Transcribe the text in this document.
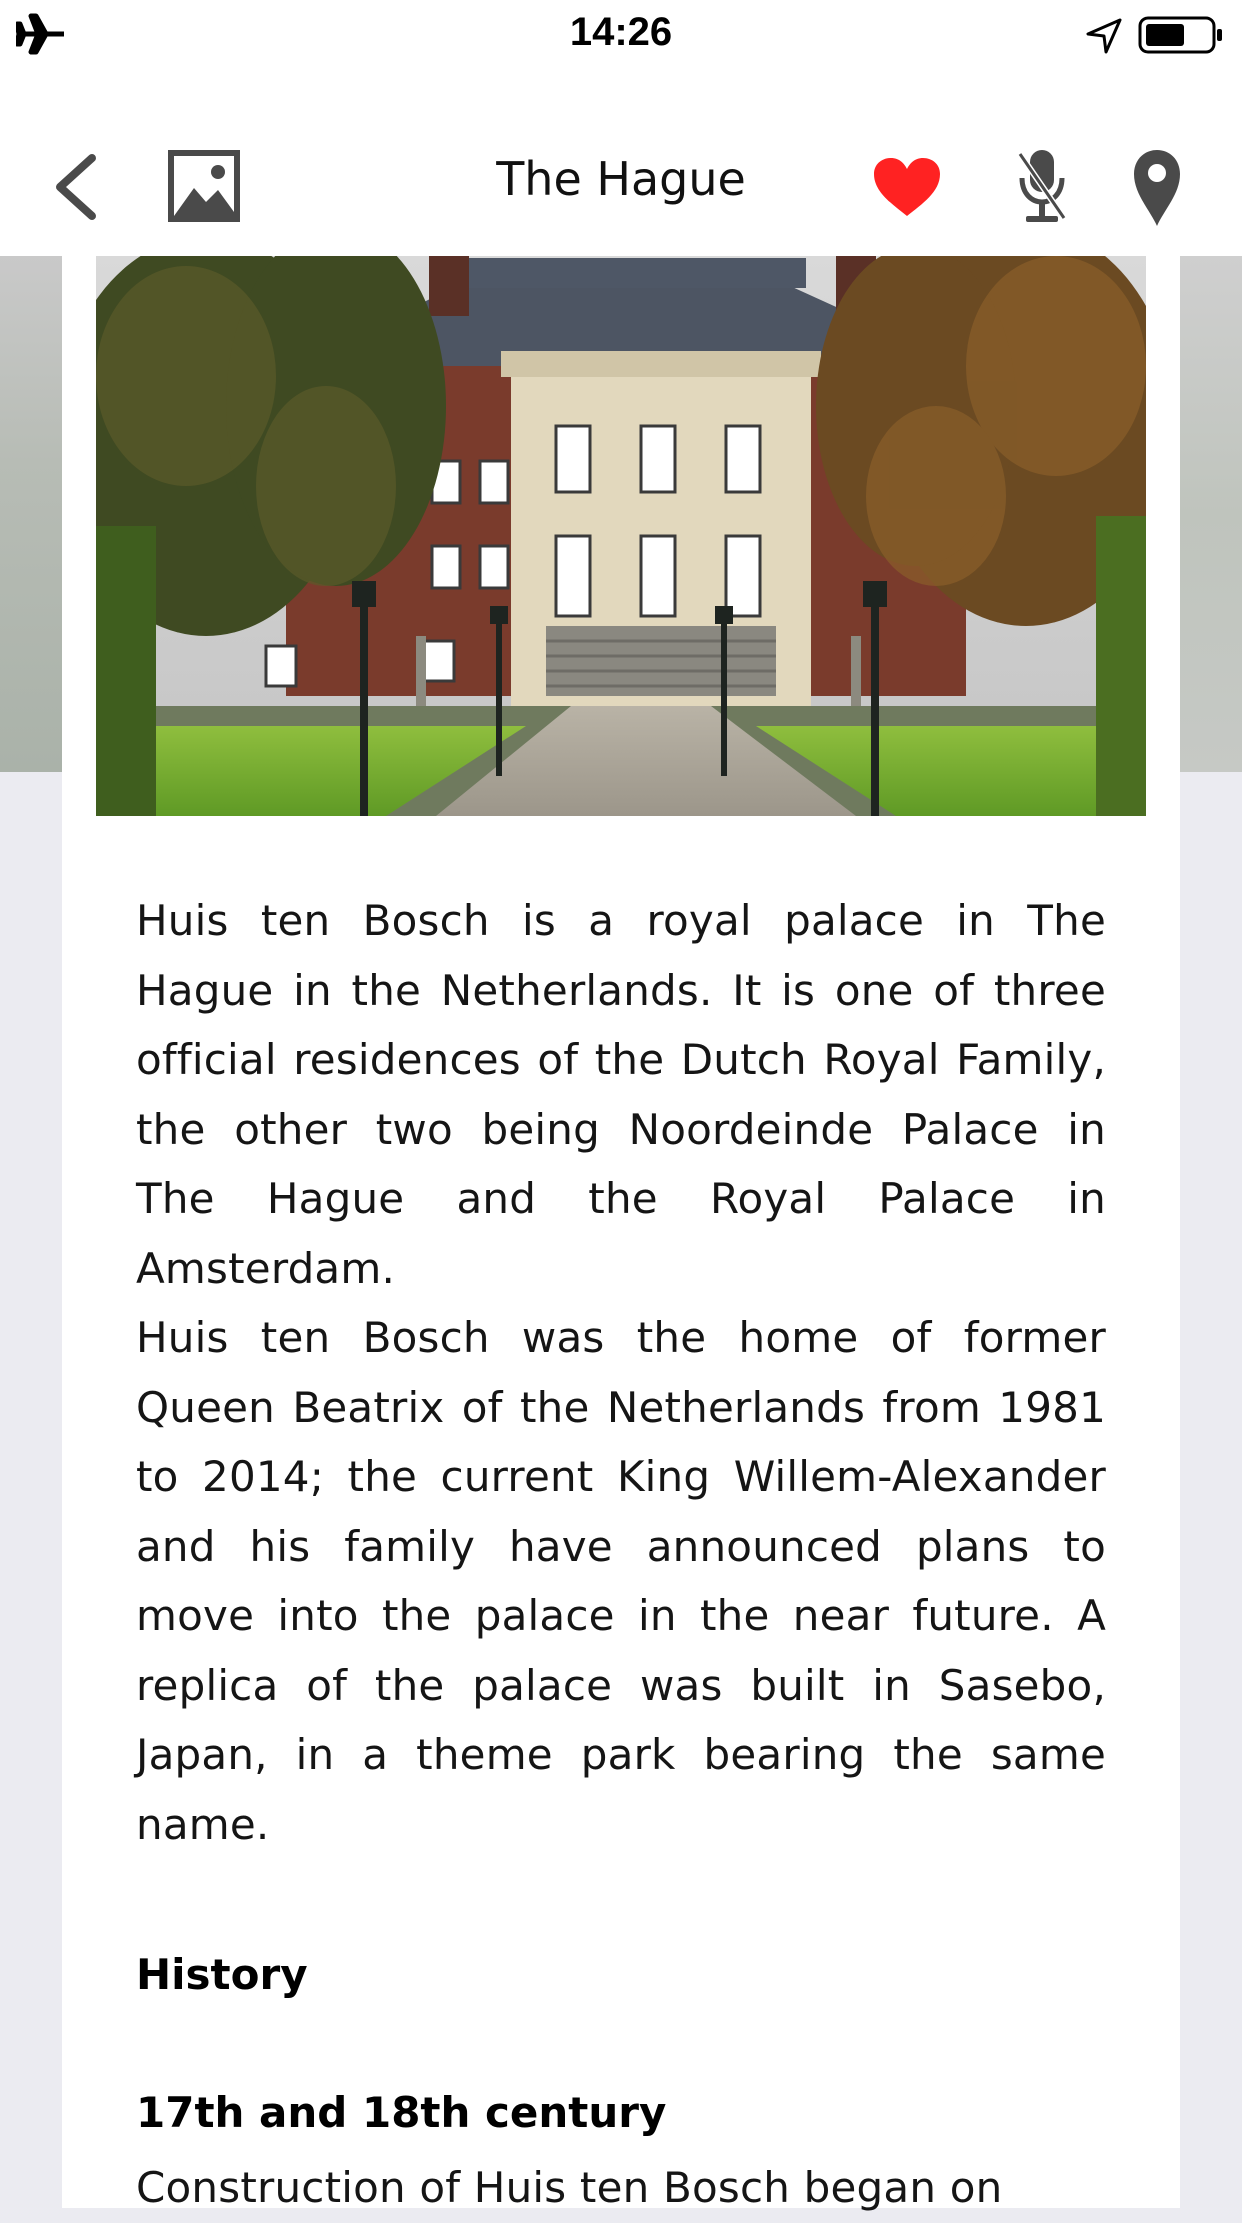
14:26
The Hague

Huis ten Bosch is a royal palace in The Hague in the Netherlands. It is one of three official residences of the Dutch Royal Family, the other two being Noordeinde Palace in The Hague and the Royal Palace in Amsterdam.

Huis ten Bosch was the home of former Queen Beatrix of the Netherlands from 1981 to 2014; the current King Willem-Alexander and his family have announced plans to move into the palace in the near future. A replica of the palace was built in Sasebo, Japan, in a theme park bearing the same name.

History
17th and 18th century

Construction of Huis ten Bosch began on
